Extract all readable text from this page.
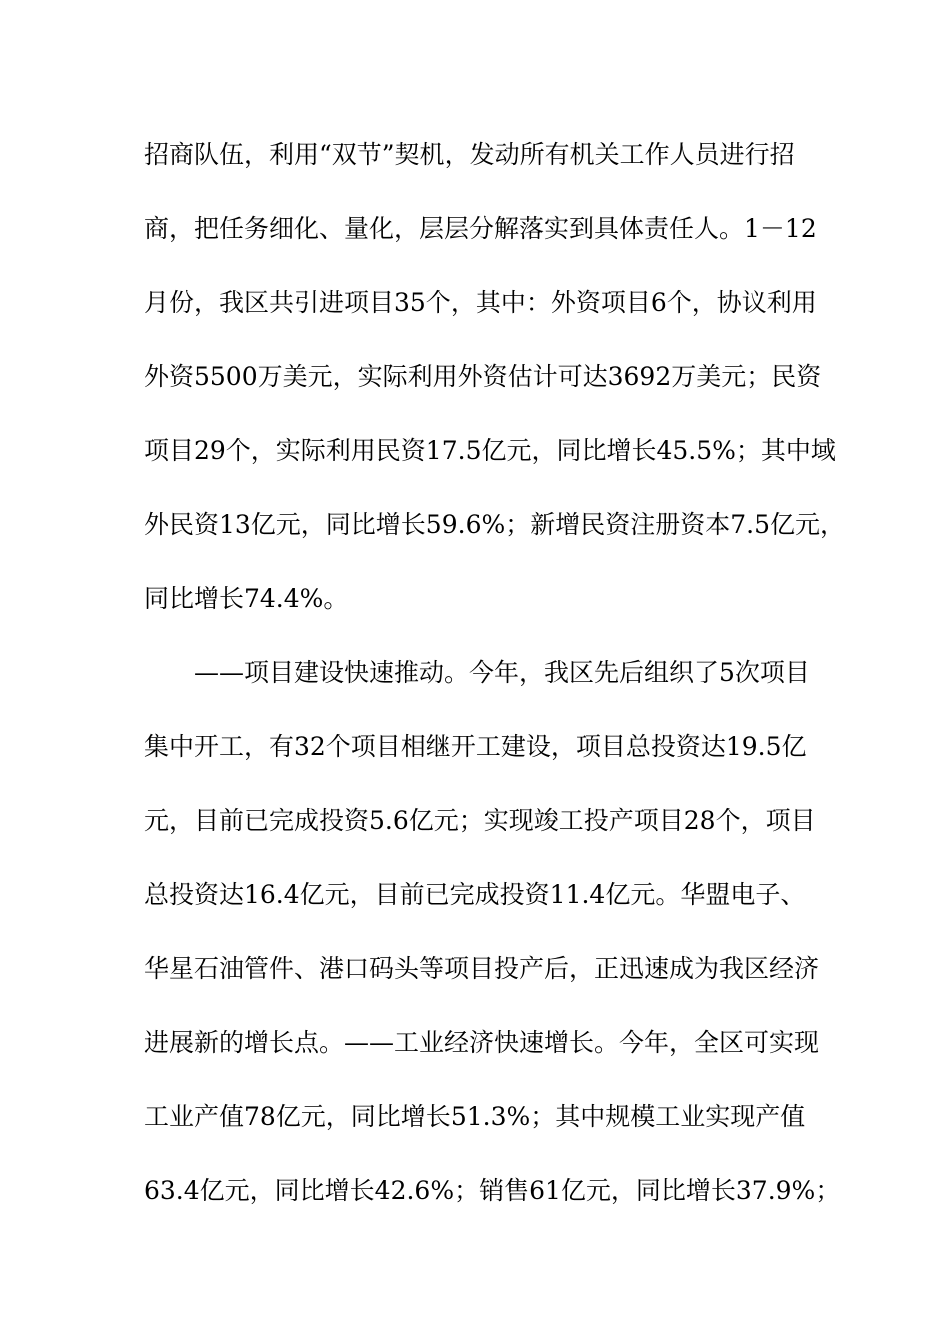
招商队伍，利用“双节”契机，发动所有机关工作人员进行招
商，把任务细化、量化，层层分解落实到具体责任人。1－12
月份，我区共引进项目35个，其中：外资项目6个，协议利用
外资5500万美元，实际利用外资估计可达3692万美元；民资
项目29个，实际利用民资17.5亿元，同比增长45.5%；其中域
外民资13亿元，同比增长59.6%；新增民资注册资本7.5亿元，
同比增长74.4%。
　　——项目建设快速推动。今年，我区先后组织了5次项目
集中开工，有32个项目相继开工建设，项目总投资达19.5亿
元，目前已完成投资5.6亿元；实现竣工投产项目28个，项目
总投资达16.4亿元，目前已完成投资11.4亿元。华盟电子、
华星石油管件、港口码头等项目投产后，正迅速成为我区经济
进展新的增长点。——工业经济快速增长。今年，全区可实现
工业产值78亿元，同比增长51.3%；其中规模工业实现产值
63.4亿元，同比增长42.6%；销售61亿元，同比增长37.9%；
